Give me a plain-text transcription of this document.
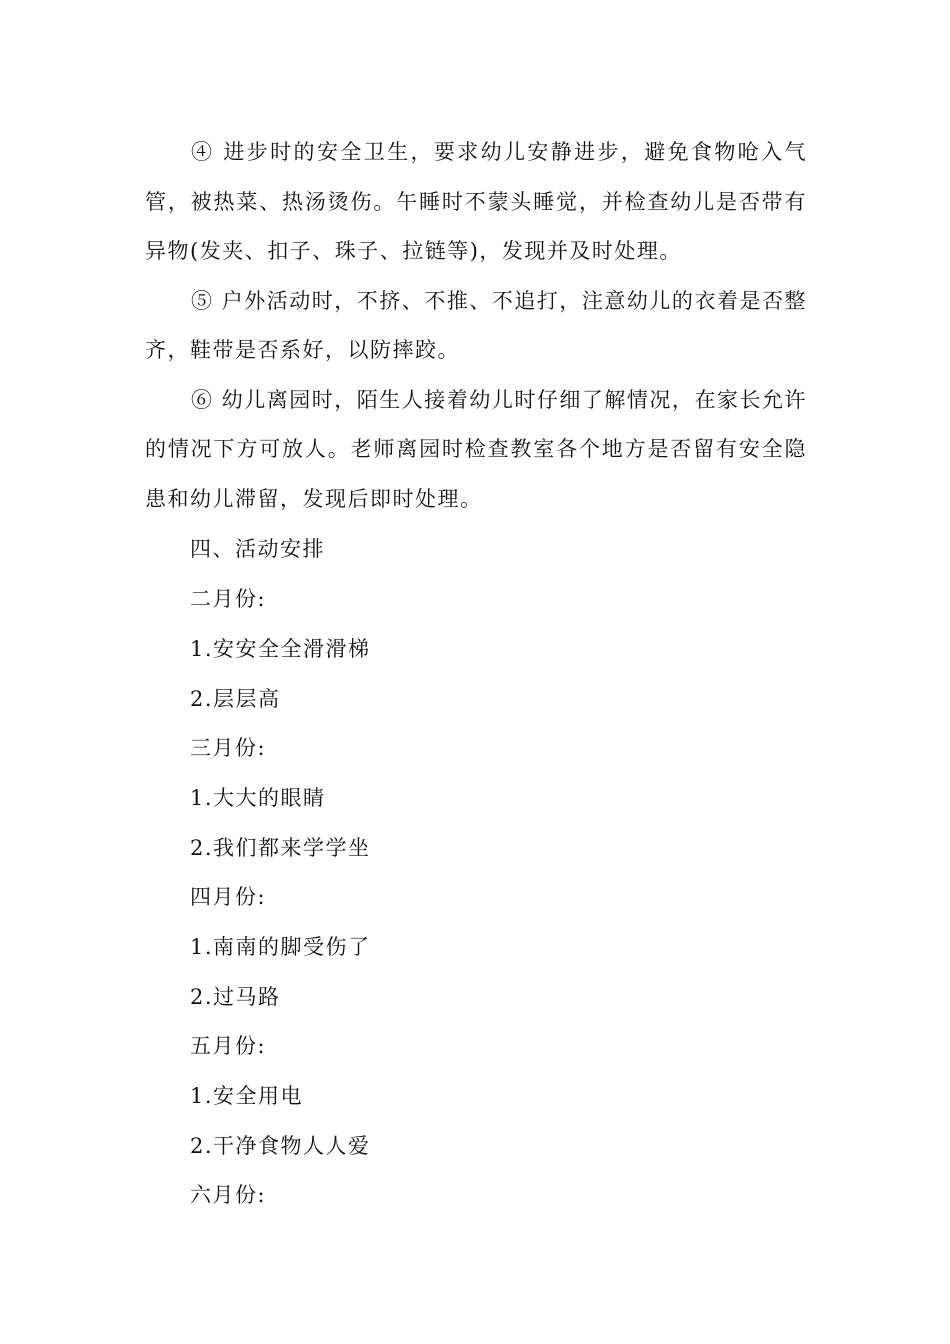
④ 进步时的安全卫生，要求幼儿安静进步，避免食物呛入气管，被热菜、热汤烫伤。午睡时不蒙头睡觉，并检查幼儿是否带有异物(发夹、扣子、珠子、拉链等)，发现并及时处理。

⑤ 户外活动时，不挤、不推、不追打，注意幼儿的衣着是否整齐，鞋带是否系好，以防摔跤。

⑥ 幼儿离园时，陌生人接着幼儿时仔细了解情况，在家长允许的情况下方可放人。老师离园时检查教室各个地方是否留有安全隐患和幼儿滞留，发现后即时处理。

四、活动安排
二月份:
1.安安全全滑滑梯
2.层层高
三月份:
1.大大的眼睛
2.我们都来学学坐
四月份:
1.南南的脚受伤了
2.过马路
五月份:
1.安全用电
2.干净食物人人爱
六月份:
